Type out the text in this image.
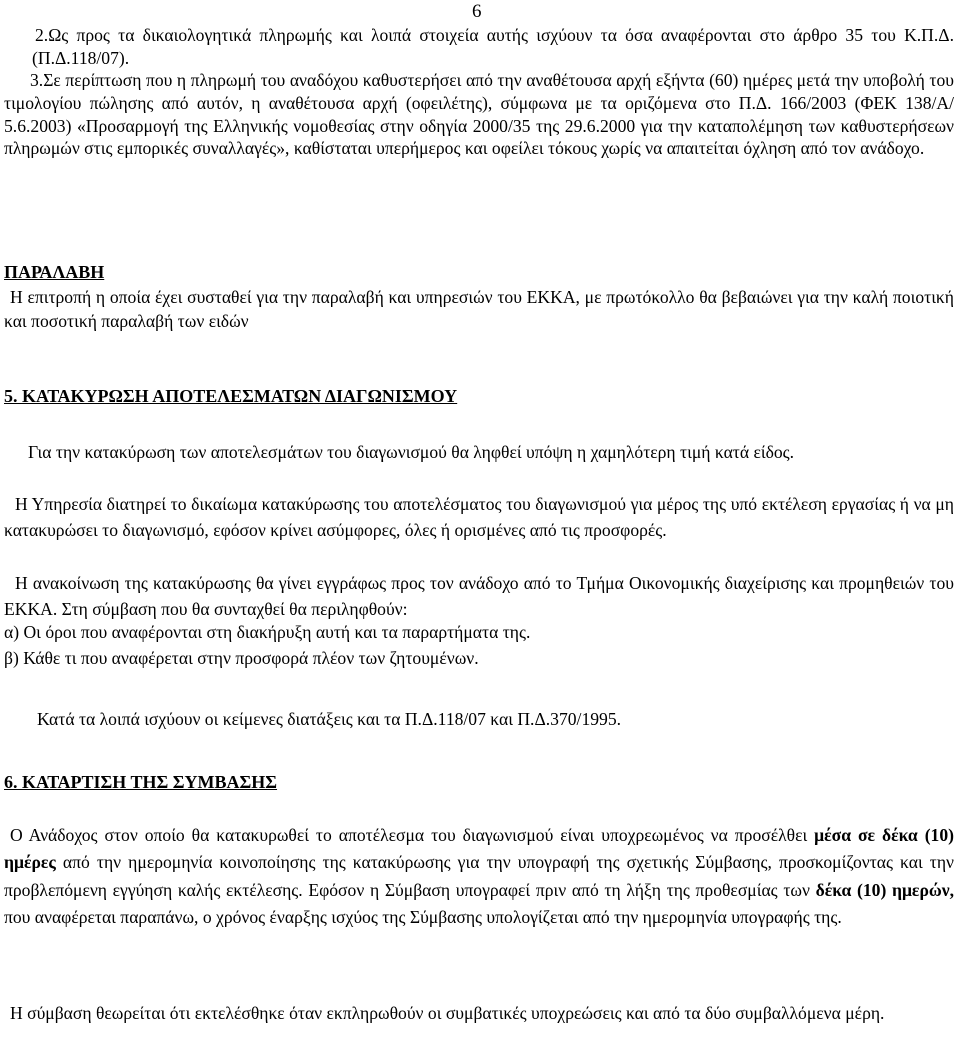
6
2.Ως προς τα δικαιολογητικά πληρωμής και λοιπά στοιχεία αυτής ισχύουν τα όσα αναφέρονται στο άρθρο 35 του Κ.Π.Δ. (Π.Δ.118/07).
3.Σε περίπτωση που η πληρωμή του αναδόχου καθυστερήσει από την αναθέτουσα αρχή εξήντα (60) ημέρες μετά την υποβολή του τιμολογίου πώλησης από αυτόν, η αναθέτουσα αρχή (οφειλέτης), σύμφωνα με τα οριζόμενα στο Π.Δ. 166/2003 (ΦΕΚ 138/Α/ 5.6.2003) «Προσαρμογή της Ελληνικής νομοθεσίας στην οδηγία 2000/35 της 29.6.2000 για την καταπολέμηση των καθυστερήσεων πληρωμών στις εμπορικές συναλλαγές», καθίσταται υπερήμερος και οφείλει τόκους χωρίς να απαιτείται όχληση από τον ανάδοχο.
ΠΑΡΑΛΑΒΗ
Η επιτροπή η οποία έχει συσταθεί για την παραλαβή και υπηρεσιών του ΕΚΚΑ, με πρωτόκολλο θα βεβαιώνει για την καλή ποιοτική και ποσοτική παραλαβή των ειδών
5. ΚΑΤΑΚΥΡΩΣΗ ΑΠΟΤΕΛΕΣΜΑΤΩΝ ΔΙΑΓΩΝΙΣΜΟΥ
Για την κατακύρωση των αποτελεσμάτων του διαγωνισμού θα ληφθεί υπόψη η χαμηλότερη τιμή κατά είδος.
Η Υπηρεσία διατηρεί το δικαίωμα κατακύρωσης του αποτελέσματος του διαγωνισμού για μέρος της υπό εκτέλεση εργασίας ή να μη κατακυρώσει το διαγωνισμό, εφόσον κρίνει ασύμφορες, όλες ή ορισμένες από τις προσφορές.
Η ανακοίνωση της κατακύρωσης θα γίνει εγγράφως προς τον ανάδοχο από το Τμήμα Οικονομικής διαχείρισης και προμηθειών του ΕΚΚΑ. Στη σύμβαση που θα συνταχθεί θα περιληφθούν:
α) Οι όροι που αναφέρονται στη διακήρυξη αυτή και τα παραρτήματα της.
β) Κάθε τι που αναφέρεται στην προσφορά πλέον των ζητουμένων.
Κατά τα λοιπά ισχύουν οι κείμενες διατάξεις και τα Π.Δ.118/07 και Π.Δ.370/1995.
6. ΚΑΤΑΡΤΙΣΗ ΤΗΣ ΣΥΜΒΑΣΗΣ
Ο Ανάδοχος στον οποίο θα κατακυρωθεί το αποτέλεσμα του διαγωνισμού είναι υποχρεωμένος να προσέλθει μέσα σε δέκα (10) ημέρες από την ημερομηνία κοινοποίησης της κατακύρωσης για την υπογραφή της σχετικής Σύμβασης, προσκομίζοντας και την προβλεπόμενη εγγύηση καλής εκτέλεσης. Εφόσον η Σύμβαση υπογραφεί πριν από τη λήξη της προθεσμίας των δέκα (10) ημερών, που αναφέρεται παραπάνω, ο χρόνος έναρξης ισχύος της Σύμβασης υπολογίζεται από την ημερομηνία υπογραφής της.
Η σύμβαση θεωρείται ότι εκτελέσθηκε όταν εκπληρωθούν οι συμβατικές υποχρεώσεις και από τα δύο συμβαλλόμενα μέρη.
